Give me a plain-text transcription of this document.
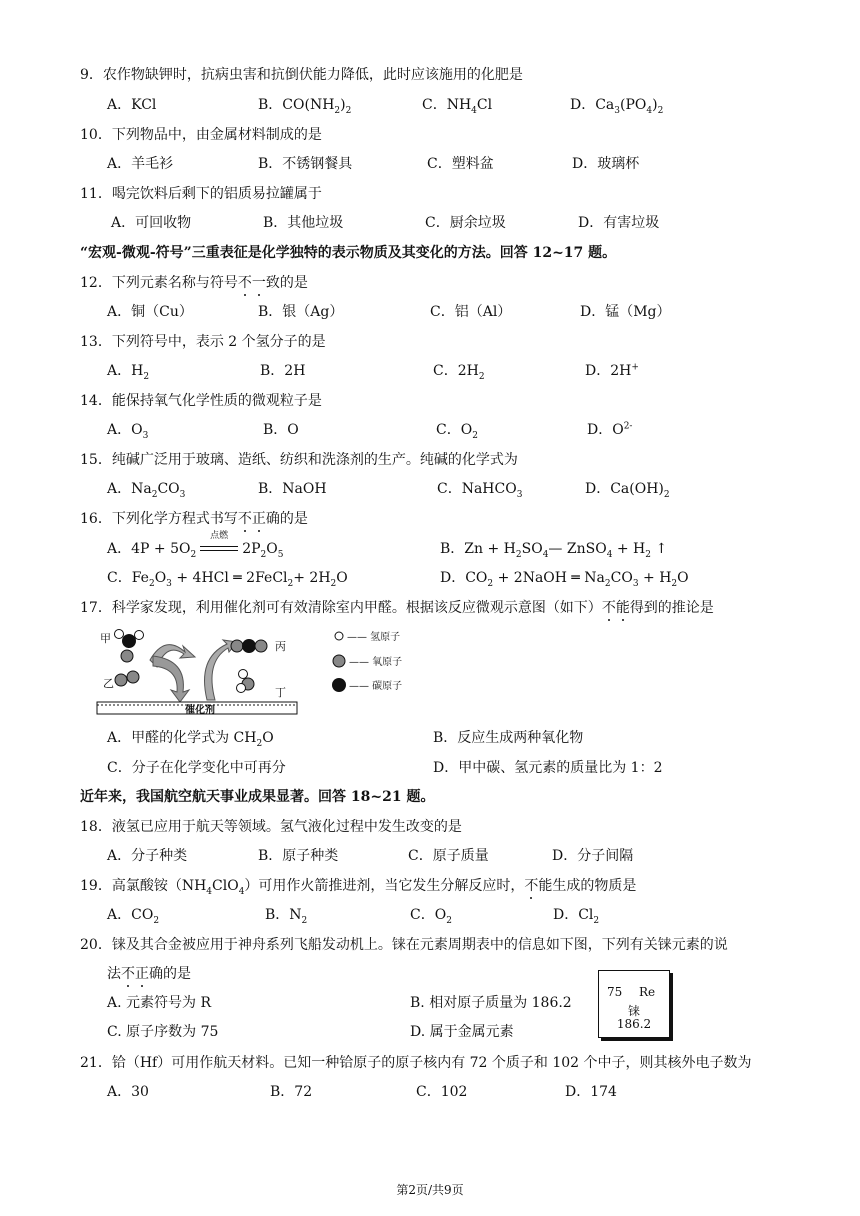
9．农作物缺钾时，抗病虫害和抗倒伏能力降低，此时应该施用的化肥是
A．KCl	B．$CO(NH_2)_2$	C．$NH_4Cl$	D．$Ca_3(PO_4)_2$
10．下列物品中，由金属材料制成的是
A．羊毛衫	B．不锈钢餐具	C．塑料盆	D．玻璃杯
11．喝完饮料后剩下的铝质易拉罐属于
A．可回收物	B．其他垃圾	C．厨余垃圾	D．有害垃圾
“宏观-微观-符号”三重表征是化学独特的表示物质及其变化的方法。回答 12~17 题。
12．下列元素名称与符号不一致的是
A．铜（Cu）	B．银（Ag）	C．铝（Al）	D．锰（Mg）
13．下列符号中，表示 2 个氢分子的是
A．$H_2$	B．2H	C．$2H_2$	D．2H+
14．能保持氧气化学性质的微观粒子是
A．$O_3$	B．O	C．$O_2$	D．$O^{2-}$
15．纯碱广泛用于玻璃、造纸、纺织和洗涤剂的生产。纯碱的化学式为
A．$Na_2CO_3$	B．NaOH	C．NaHCO$_3$	D．$Ca(OH)_2$
16．下列化学方程式书写不正确的是
A．$4P + 5O_2$
点燃
$2P_2O_5$	B．$Zn + H_2SO_4—$ ZnSO$_4$ + $H_2$ ↑
C．$Fe_2O_3 + 4HCl$ ═ 2FeCl$_2$+ $2H_2O$	D．$CO_2$ + 2NaOH ═ $Na_2CO_3 + H_2O$
17．科学家发现，利用催化剂可有效清除室内甲醛。根据该反应微观示意图（如下）不能得到的推论是
甲
乙
丙
丁
催化剂
—— 氢原子
—— 氧原子
—— 碳原子
A．甲醛的化学式为 $CH_2O$	B．反应生成两种氧化物
C．分子在化学变化中可再分	D．甲中碳、氢元素的质量比为 1：2
近年来，我国航空航天事业成果显著。回答 18~21 题。
18．液氢已应用于航天等领域。氢气液化过程中发生改变的是
A．分子种类	B．原子种类	C．原子质量	D．分子间隔
19．高氯酸铵$(NH_4ClO_4)$可用作火箭推进剂，当它发生分解反应时，不能生成的物质是
A．$CO_2$	B．$N_2$	C．$O_2$	D．$Cl_2$
20．铼及其合金被应用于神舟系列飞船发动机上。铼在元素周期表中的信息如下图，下列有关铼元素的说
法不正确的是
A. 元素符号为 R	B. 相对原子质量为 186.2
C. 原子序数为 75	D. 属于金属元素
75 Re
铼
186.2
21．铪（Hf）可用作航天材料。已知一种铪原子的原子核内有 72 个质子和 102 个中子，则其核外电子数为
A．30	B．72	C．102	D．174
第2页/共9页
